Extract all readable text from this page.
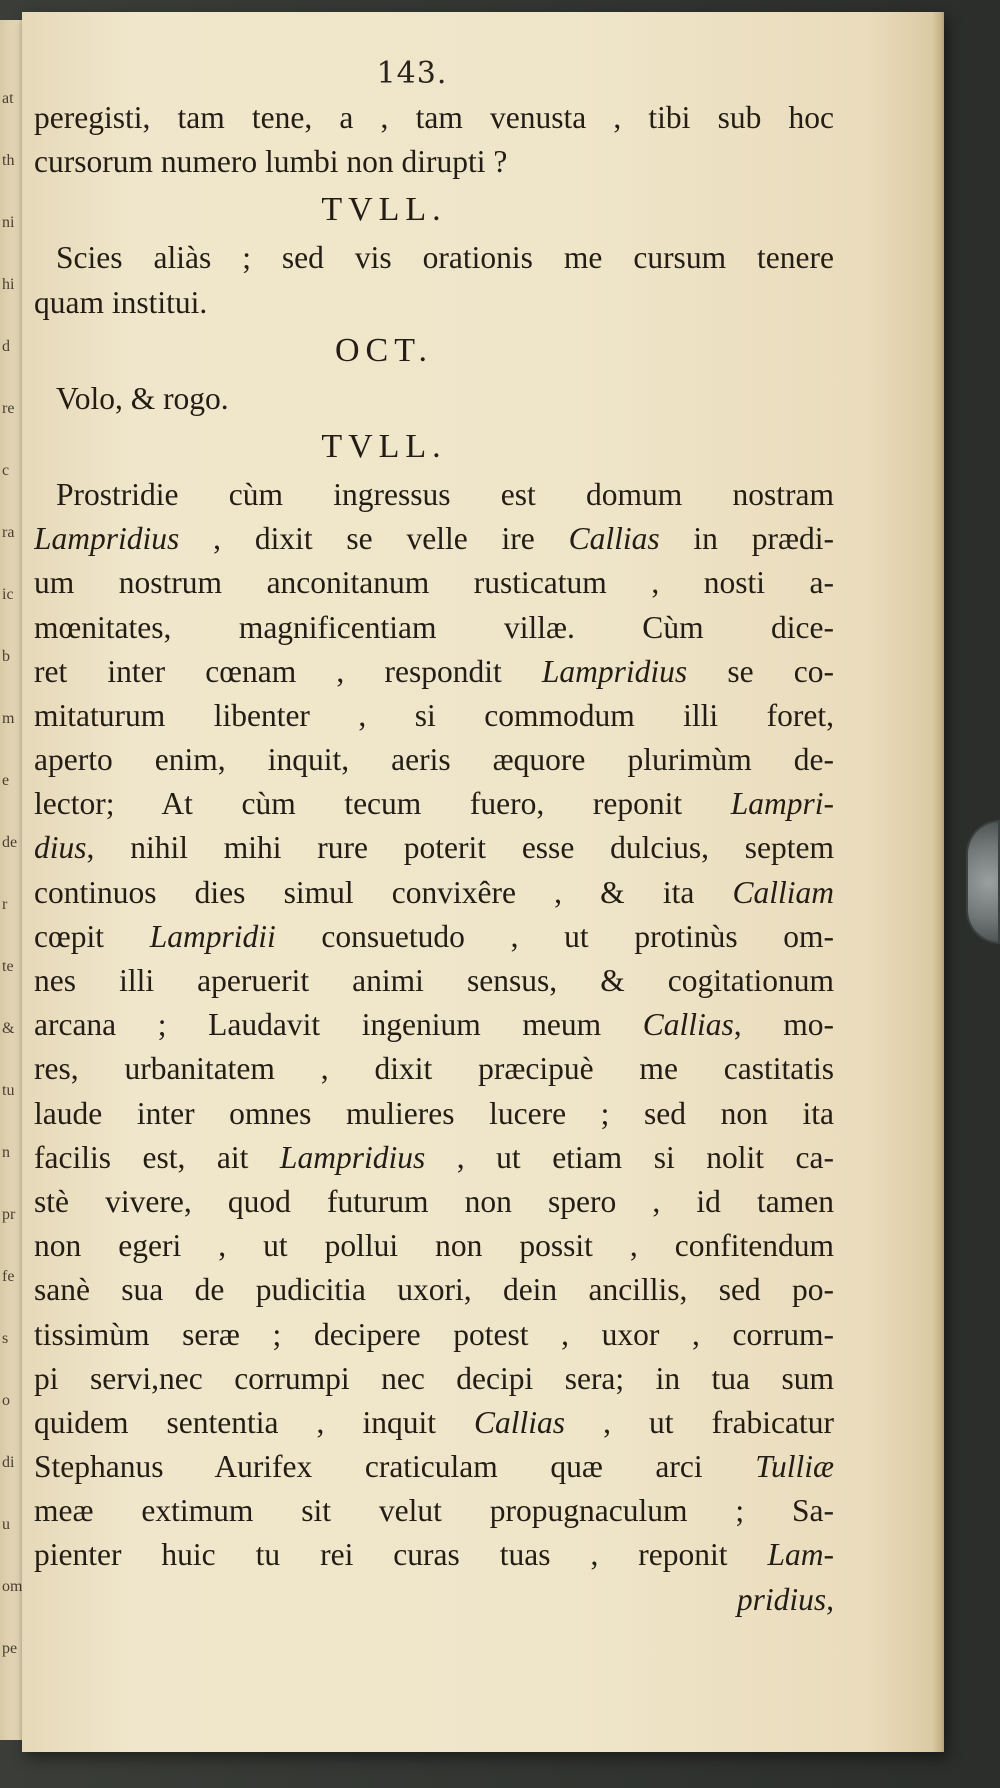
at
th
ni
hi
d
re
c
ra
ic
b
m
e
de
r
te
&
tu
n
pr
fe
s
o
di
u
om
pe
143.
peregisti, tam tene, a , tam venusta , tibi sub hoc
cursorum numero lumbi non dirupti ?
TVLL.
Scies aliàs ; sed vis orationis me cursum tenere
quam institui.
OCT.
Volo, & rogo.
TVLL.
Prostridie cùm ingressus est domum nostram
Lampridius , dixit se velle ire Callias in prædi-
um nostrum anconitanum rusticatum , nosti a-
mœnitates, magnificentiam villæ. Cùm dice-
ret inter cœnam , respondit Lampridius se co-
mitaturum libenter , si commodum illi foret,
aperto enim, inquit, aeris æquore plurimùm de-
lector; At cùm tecum fuero, reponit Lampri-
dius, nihil mihi rure poterit esse dulcius, septem
continuos dies simul convixêre , & ita Calliam
cœpit Lampridii consuetudo , ut protinùs om-
nes illi aperuerit animi sensus, & cogitationum
arcana ; Laudavit ingenium meum Callias, mo-
res, urbanitatem , dixit præcipuè me castitatis
laude inter omnes mulieres lucere ; sed non ita
facilis est, ait Lampridius , ut etiam si nolit ca-
stè vivere, quod futurum non spero , id tamen
non egeri , ut pollui non possit , confitendum
sanè sua de pudicitia uxori, dein ancillis, sed po-
tissimùm seræ ; decipere potest , uxor , corrum-
pi servi,nec corrumpi nec decipi sera; in tua sum
quidem sententia , inquit Callias , ut frabicatur
Stephanus Aurifex craticulam quæ arci Tulliæ
meæ extimum sit velut propugnaculum ; Sa-
pienter huic tu rei curas tuas , reponit Lam-
pridius,
